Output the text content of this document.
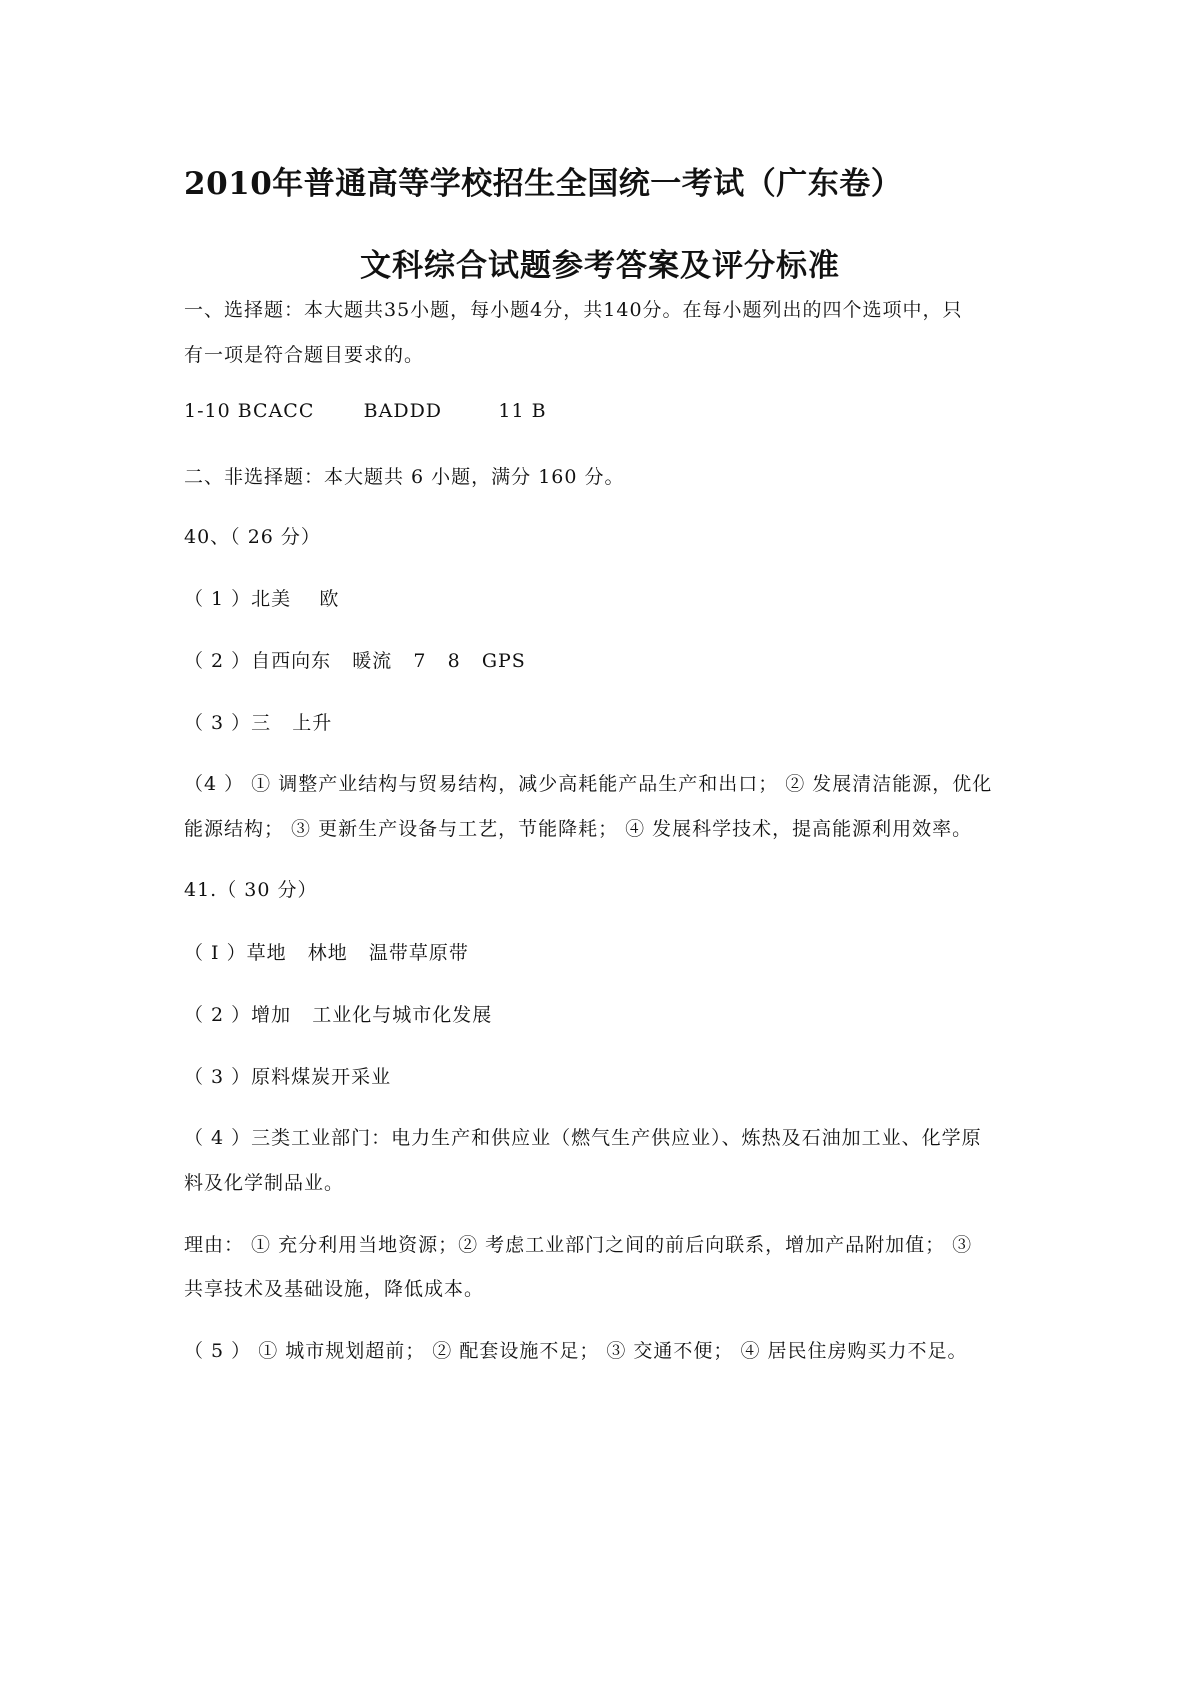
2010年普通高等学校招生全国统一考试（广东卷）
文科综合试题参考答案及评分标准
一、选择题：本大题共35小题，每小题4分，共140分。在每小题列出的四个选项中，只
有一项是符合题目要求的。
1-10 BCACC       BADDD        11 B
二、非选择题：本大题共 6 小题，满分 160 分。
40、（ 26 分）
（ 1 ）北美    欧
（ 2 ）自西向东   暖流   7   8   GPS
（ 3 ）三   上升
（4 ） ① 调整产业结构与贸易结构，减少高耗能产品生产和出口； ② 发展清洁能源，优化
能源结构； ③ 更新生产设备与工艺，节能降耗； ④ 发展科学技术，提高能源利用效率。
41.（ 30 分）
（ I ）草地   林地   温带草原带
（ 2 ）增加   工业化与城市化发展
（ 3 ）原料煤炭开采业
（ 4 ）三类工业部门：电力生产和供应业（燃气生产供应业）、炼热及石油加工业、化学原
料及化学制品业。
理由： ① 充分利用当地资源；② 考虑工业部门之间的前后向联系，增加产品附加值； ③
共享技术及基础设施，降低成本。
（ 5 ） ① 城市规划超前； ② 配套设施不足； ③ 交通不便； ④ 居民住房购买力不足。
